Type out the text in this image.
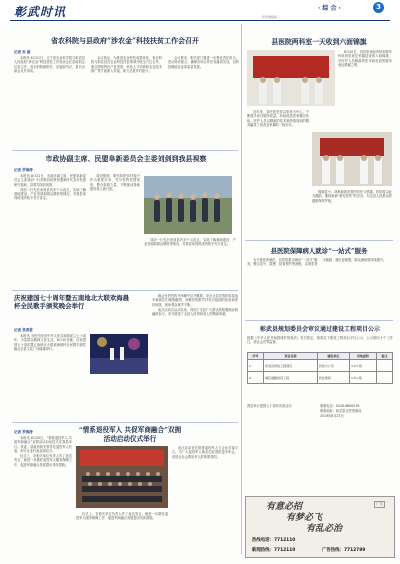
彰武时讯	· 综 合 ·	3
彰武网络版 ...
省农科院与县政府“涉农金”科技扶贫工作会召开
记者 孙 丽

本报讯 8月21日，辽宁省农业科学院与彰武县人民政府“涉农金”科技扶贫工作座谈会在县政府会议室召开。省农科院副院长、县委副书记、县长出席会议并讲话。

会议指出，为推进农业科技成果转化，省农科院与彰武县在农业科技扶贫领域开展全方位合作，重点围绕特色产业发展、科技人才培养和农业技术推广等方面深入对接，助力全县乡村振兴。

会议要求，相关部门要进一步强化责任担当，密切协作配合，确保各项合作任务落到实处，以科技赋能农业高质量发展。

市政协副主席、民盟阜新委员会主委刘剑到我县视察
记者 罗海涛

本报讯 8月21日，市政协副主席、民盟阜新委员会主委刘剑一行到我县视察民盟新时代农村发展研究基地，县领导陪同视察。

刘剑一行先后来到县内多个示范点，实地了解基地建设、产业发展和群众增收等情况，对我县取得的成绩给予充分肯定。

刘剑强调，要坚持把乡村振兴作为重要任务，充分发挥民盟优势，整合资源力量，不断推动基地建设再上新台阶。

刘剑一行先后来到县内多个示范点，实地了解基地建设、产业发展和群众增收等情况，对我县取得的成绩给予充分肯定。

庆祝建国七十周年暨五南地北大联欢海晨杯全民歌手颁奖晚会举行
记者 张春雷

本报讯 为热烈庆祝中华人民共和国成立七十周年，丰富群众精神文化生活，8月20日晚，庆祝建国七十周年暨五南地北大联欢海晨杯全民歌手颁奖晚会在县文化广场隆重举行。

晚会在热烈的开场舞中拉开帷幕，来自全县各界的参赛选手和演员们倾情献唱，用嘹亮的歌声抒发对祖国的热爱和美好祝愿，现场观众掌声不断。

此次活动自启动以来，得到了全县广大群众的积极响应和踊跃参与，充分展现了全县人民昂扬向上的精神风貌。

“情系退役军人 共促军商融合”双拥活动启动仪式举行
记者 罗海涛

本报讯 8月20日，“情系退役军人 共促军商融合”双拥活动启动仪式在我县举行。县委、县政府相关领导及退役军人代表、部分企业代表参加仪式。

仪式上，各相关单位负责人作了表态发言，就进一步做好退役军人服务保障工作、促进军商融合发展提出具体措施。

此次活动旨在搭建退役军人与企业对接平台，为广大退役军人就业创业提供更多机会，营造全社会尊崇军人的浓厚氛围。

仪式上，各相关单位负责人作了表态发言，就进一步做好退役军人服务保障工作、促进军商融合发展提出具体措施。

县医院两科室一天收到六面锦旗

8月20日，县医院神经内科和普外科收到患者及家属送来的六面锦旗，对医护人员精湛的医术和优质的服务表达感谢之情。

近年来，县医院坚持以患者为中心，不断提升医疗服务质量，持续改善患者就医体验。医护人员以精湛的技术和热情周到的服务赢得了患者及家属的一致好评。

锦旗虽小，却承载着患者的信任与感激。医院将以此为激励，继续秉承“救死扶伤”的宗旨，为全县人民群众的健康保驾护航。

县医院保障病人就诊“一站式”服务

为方便患者就医，县医院推出就诊“一站式”服务，整合挂号、缴费、检查预约等流程，实现患者少跑腿、就医更便捷，群众满意度持续提升。

彰武县规划委员会审议通过建设工程项目公示
根据《中华人民共和国城乡规划法》有关规定，现将以下建设工程项目予以公示，公示期为十个工作日，请社会各界监督。
序号	项目名称	建设单位	用地面积	备注
1	彰武县供热工程项目	县热力公司	3.2公顷	
2	城区道路改造工程	县住建局	1.5公顷	
联系电话：0418-6800076
联系地址：彰武县自然资源局
2019年8月23日
我县举行建国七十周年庆祝活动
有意必招
有梦必飞
有乱必治
广告
热线电话：7712110
新闻热线：7712110	广告热线：7712789
